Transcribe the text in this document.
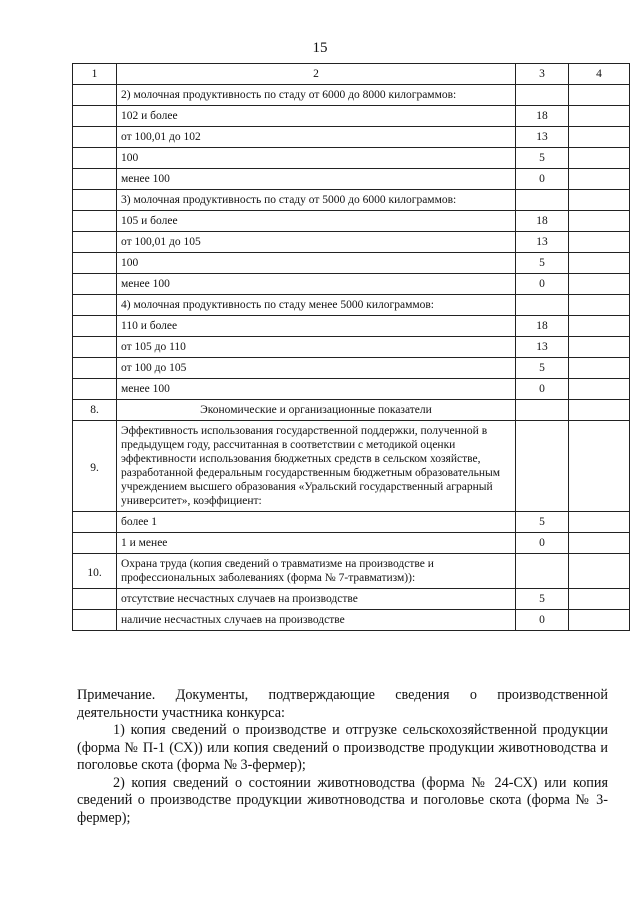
15
1	2	3	4
	2) молочная продуктивность по стаду от 6000 до 8000 килограммов:		
	102 и более	18	
	от 100,01 до 102	13	
	100	5	
	менее 100	0	
	3) молочная продуктивность по стаду от 5000 до 6000 килограммов:		
	105 и более	18	
	от 100,01 до 105	13	
	100	5	
	менее 100	0	
	4) молочная продуктивность по стаду менее 5000 килограммов:		
	110 и более	18	
	от 105 до 110	13	
	от 100 до 105	5	
	менее 100	0	
8.	Экономические и организационные показатели		
9.	Эффективность использования государственной поддержки, полученной в предыдущем году, рассчитанная в соответствии с методикой оценки эффективности использования бюджетных средств в сельском хозяйстве, разработанной федеральным государственным бюджетным образовательным учреждением высшего образования «Уральский государственный аграрный университет», коэффициент:		
	более 1	5	
	1 и менее	0	
10.	Охрана труда (копия сведений о травматизме на производстве и профессиональных заболеваниях (форма № 7-травматизм)):		
	отсутствие несчастных случаев на производстве	5	
	наличие несчастных случаев на производстве	0	

Примечание. Документы, подтверждающие сведения о производственной деятельности участника конкурса:

1) копия сведений о производстве и отгрузке сельскохозяйственной продукции (форма № П-1 (СХ)) или копия сведений о производстве продукции животноводства и поголовье скота (форма № 3-фермер);

2) копия сведений о состоянии животноводства (форма № 24-СХ) или копия сведений о производстве продукции животноводства и поголовье скота (форма № 3-фермер);
